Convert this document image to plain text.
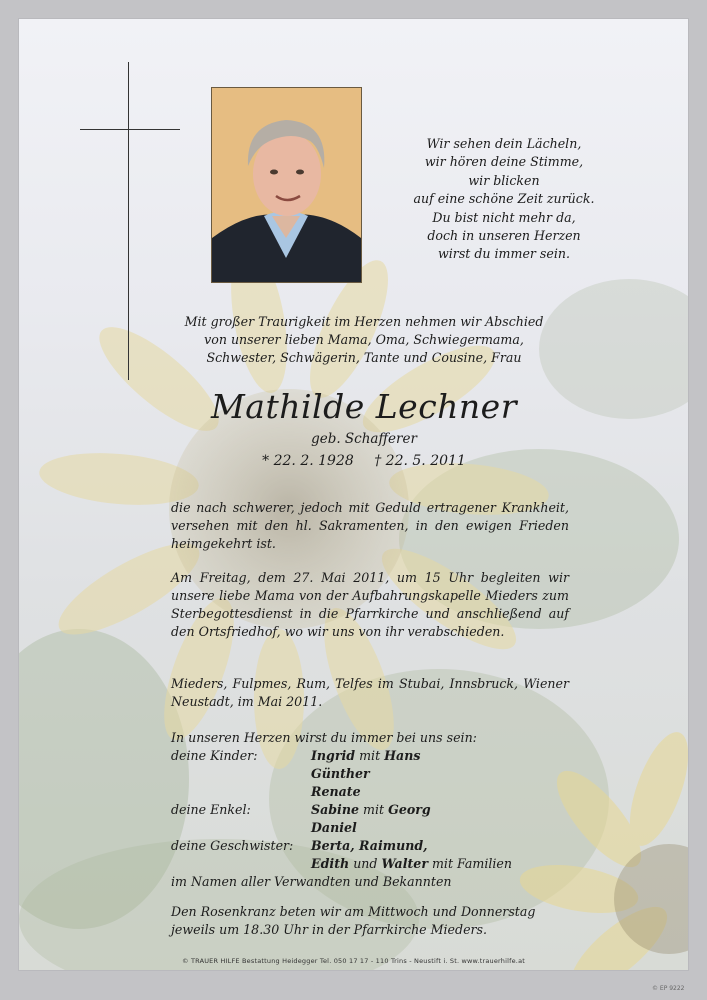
Wir sehen dein Lächeln,
wir hören deine Stimme,
wir blicken
auf eine schöne Zeit zurück.
Du bist nicht mehr da,
doch in unseren Herzen
wirst du immer sein.
Mit großer Traurigkeit im Herzen nehmen wir Abschied
von unserer lieben Mama, Oma, Schwiegermama,
Schwester, Schwägerin, Tante und Cousine, Frau
Mathilde Lechner
geb. Schafferer
* 22. 2. 1928 † 22. 5. 2011
die nach schwerer, jedoch mit Geduld ertragener Krankheit, versehen mit den hl. Sakramenten, in den ewigen Frieden heimgekehrt ist.
Am Freitag, dem 27. Mai 2011, um 15 Uhr begleiten wir unsere liebe Mama von der Aufbahrungskapelle Mieders zum Sterbegottesdienst in die Pfarrkirche und anschließend auf den Ortsfriedhof, wo wir uns von ihr verabschieden.
Mieders, Fulpmes, Rum, Telfes im Stubai, Innsbruck, Wiener Neustadt, im Mai 2011.
In unseren Herzen wirst du immer bei uns sein:
deine Kinder:	Ingrid mit Hans
Günther
Renate
deine Enkel:	Sabine mit Georg
Daniel
deine Geschwister:	Berta, Raimund,
Edith und Walter mit Familien
im Namen aller Verwandten und Bekannten
Den Rosenkranz beten wir am Mittwoch und Donnerstag jeweils um 18.30 Uhr in der Pfarrkirche Mieders.
© TRAUER HILFE Bestattung Heidegger Tel. 050 17 17 - 110 Trins - Neustift i. St. www.trauerhilfe.at
© EP 9222
